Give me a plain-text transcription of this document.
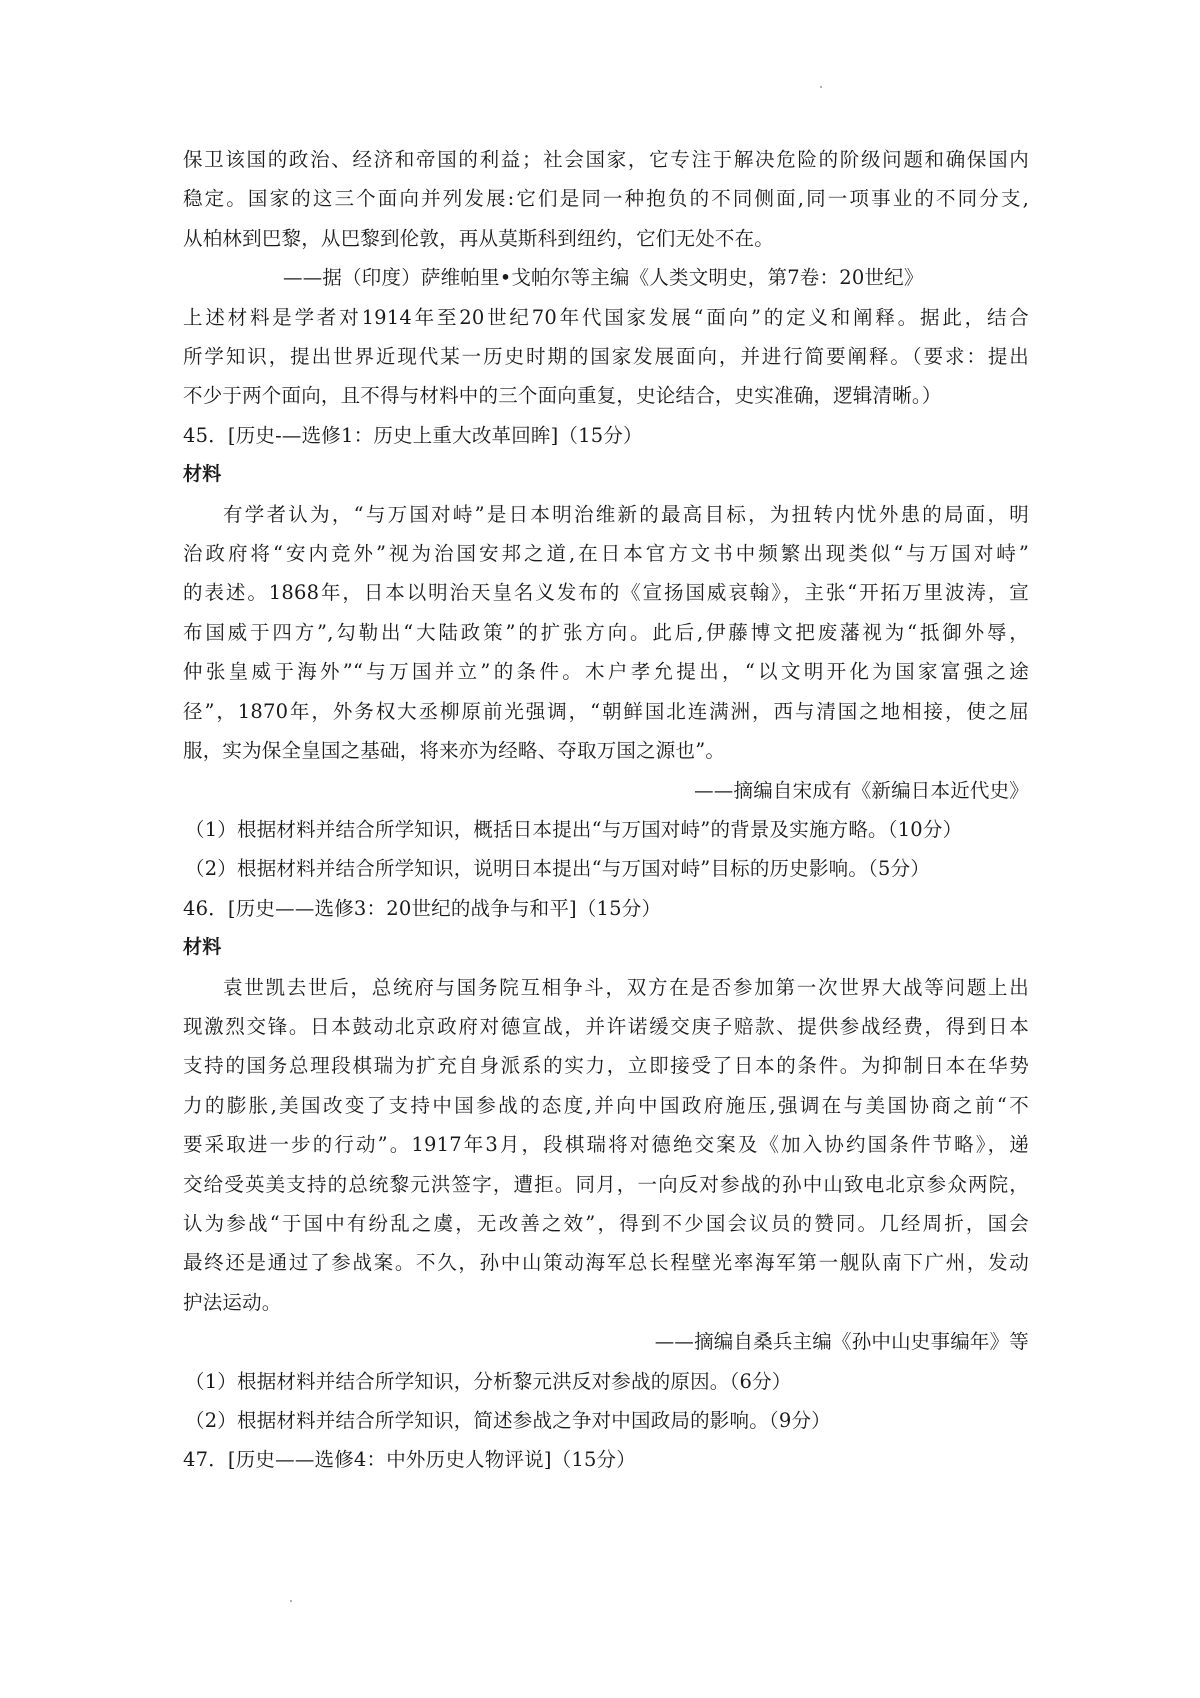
保卫该国的政治、经济和帝国的利益；社会国家，它专注于解决危险的阶级问题和确保国内
稳定。国家的这三个面向并列发展:它们是同一种抱负的不同侧面,同一项事业的不同分支,
从柏林到巴黎，从巴黎到伦敦，再从莫斯科到纽约，它们无处不在。
——据（印度）萨维帕里•戈帕尔等主编《人类文明史，第7卷：20世纪》
上述材料是学者对1914年至20世纪70年代国家发展“面向”的定义和阐释。据此，结合
所学知识，提出世界近现代某一历史时期的国家发展面向，并进行简要阐释。（要求：提出
不少于两个面向，且不得与材料中的三个面向重复，史论结合，史实准确，逻辑清晰。）
45．[历史-—选修1：历史上重大改革回眸]（15分）
材料
有学者认为，“与万国对峙”是日本明治维新的最高目标，为扭转内忧外患的局面，明
治政府将“安内竞外”视为治国安邦之道,在日本官方文书中频繁出现类似“与万国对峙”
的表述。1868年，日本以明治天皇名义发布的《宣扬国威哀翰》，主张“开拓万里波涛，宣
布国威于四方”,勾勒出“大陆政策”的扩张方向。此后,伊藤博文把废藩视为“抵御外辱，
仲张皇威于海外”“与万国并立”的条件。木户孝允提出，“以文明开化为国家富强之途
径”，1870年，外务权大丞柳原前光强调，“朝鲜国北连满洲，西与清国之地相接，使之屈
服，实为保全皇国之基础，将来亦为经略、夺取万国之源也”。
——摘编自宋成有《新编日本近代史》
（1）根据材料并结合所学知识，概括日本提出“与万国对峙”的背景及实施方略。（10分）
（2）根据材料并结合所学知识，说明日本提出“与万国对峙”目标的历史影响。（5分）
46．[历史——选修3：20世纪的战争与和平]（15分）
材料
袁世凯去世后，总统府与国务院互相争斗，双方在是否参加第一次世界大战等问题上出
现激烈交锋。日本鼓动北京政府对德宣战，并许诺缓交庚子赔款、提供参战经费，得到日本
支持的国务总理段棋瑞为扩充自身派系的实力，立即接受了日本的条件。为抑制日本在华势
力的膨胀,美国改变了支持中国参战的态度,并向中国政府施压,强调在与美国协商之前“不
要采取进一步的行动”。1917年3月，段棋瑞将对德绝交案及《加入协约国条件节略》，递
交给受英美支持的总统黎元洪签字，遭拒。同月，一向反对参战的孙中山致电北京参众两院，
认为参战“于国中有纷乱之虞，无改善之效”，得到不少国会议员的赞同。几经周折，国会
最终还是通过了参战案。不久，孙中山策动海军总长程壁光率海军第一舰队南下广州，发动
护法运动。
——摘编自桑兵主编《孙中山史事编年》等
（1）根据材料并结合所学知识，分析黎元洪反对参战的原因。（6分）
（2）根据材料并结合所学知识，简述参战之争对中国政局的影响。（9分）
47．[历史——选修4：中外历史人物评说]（15分）
